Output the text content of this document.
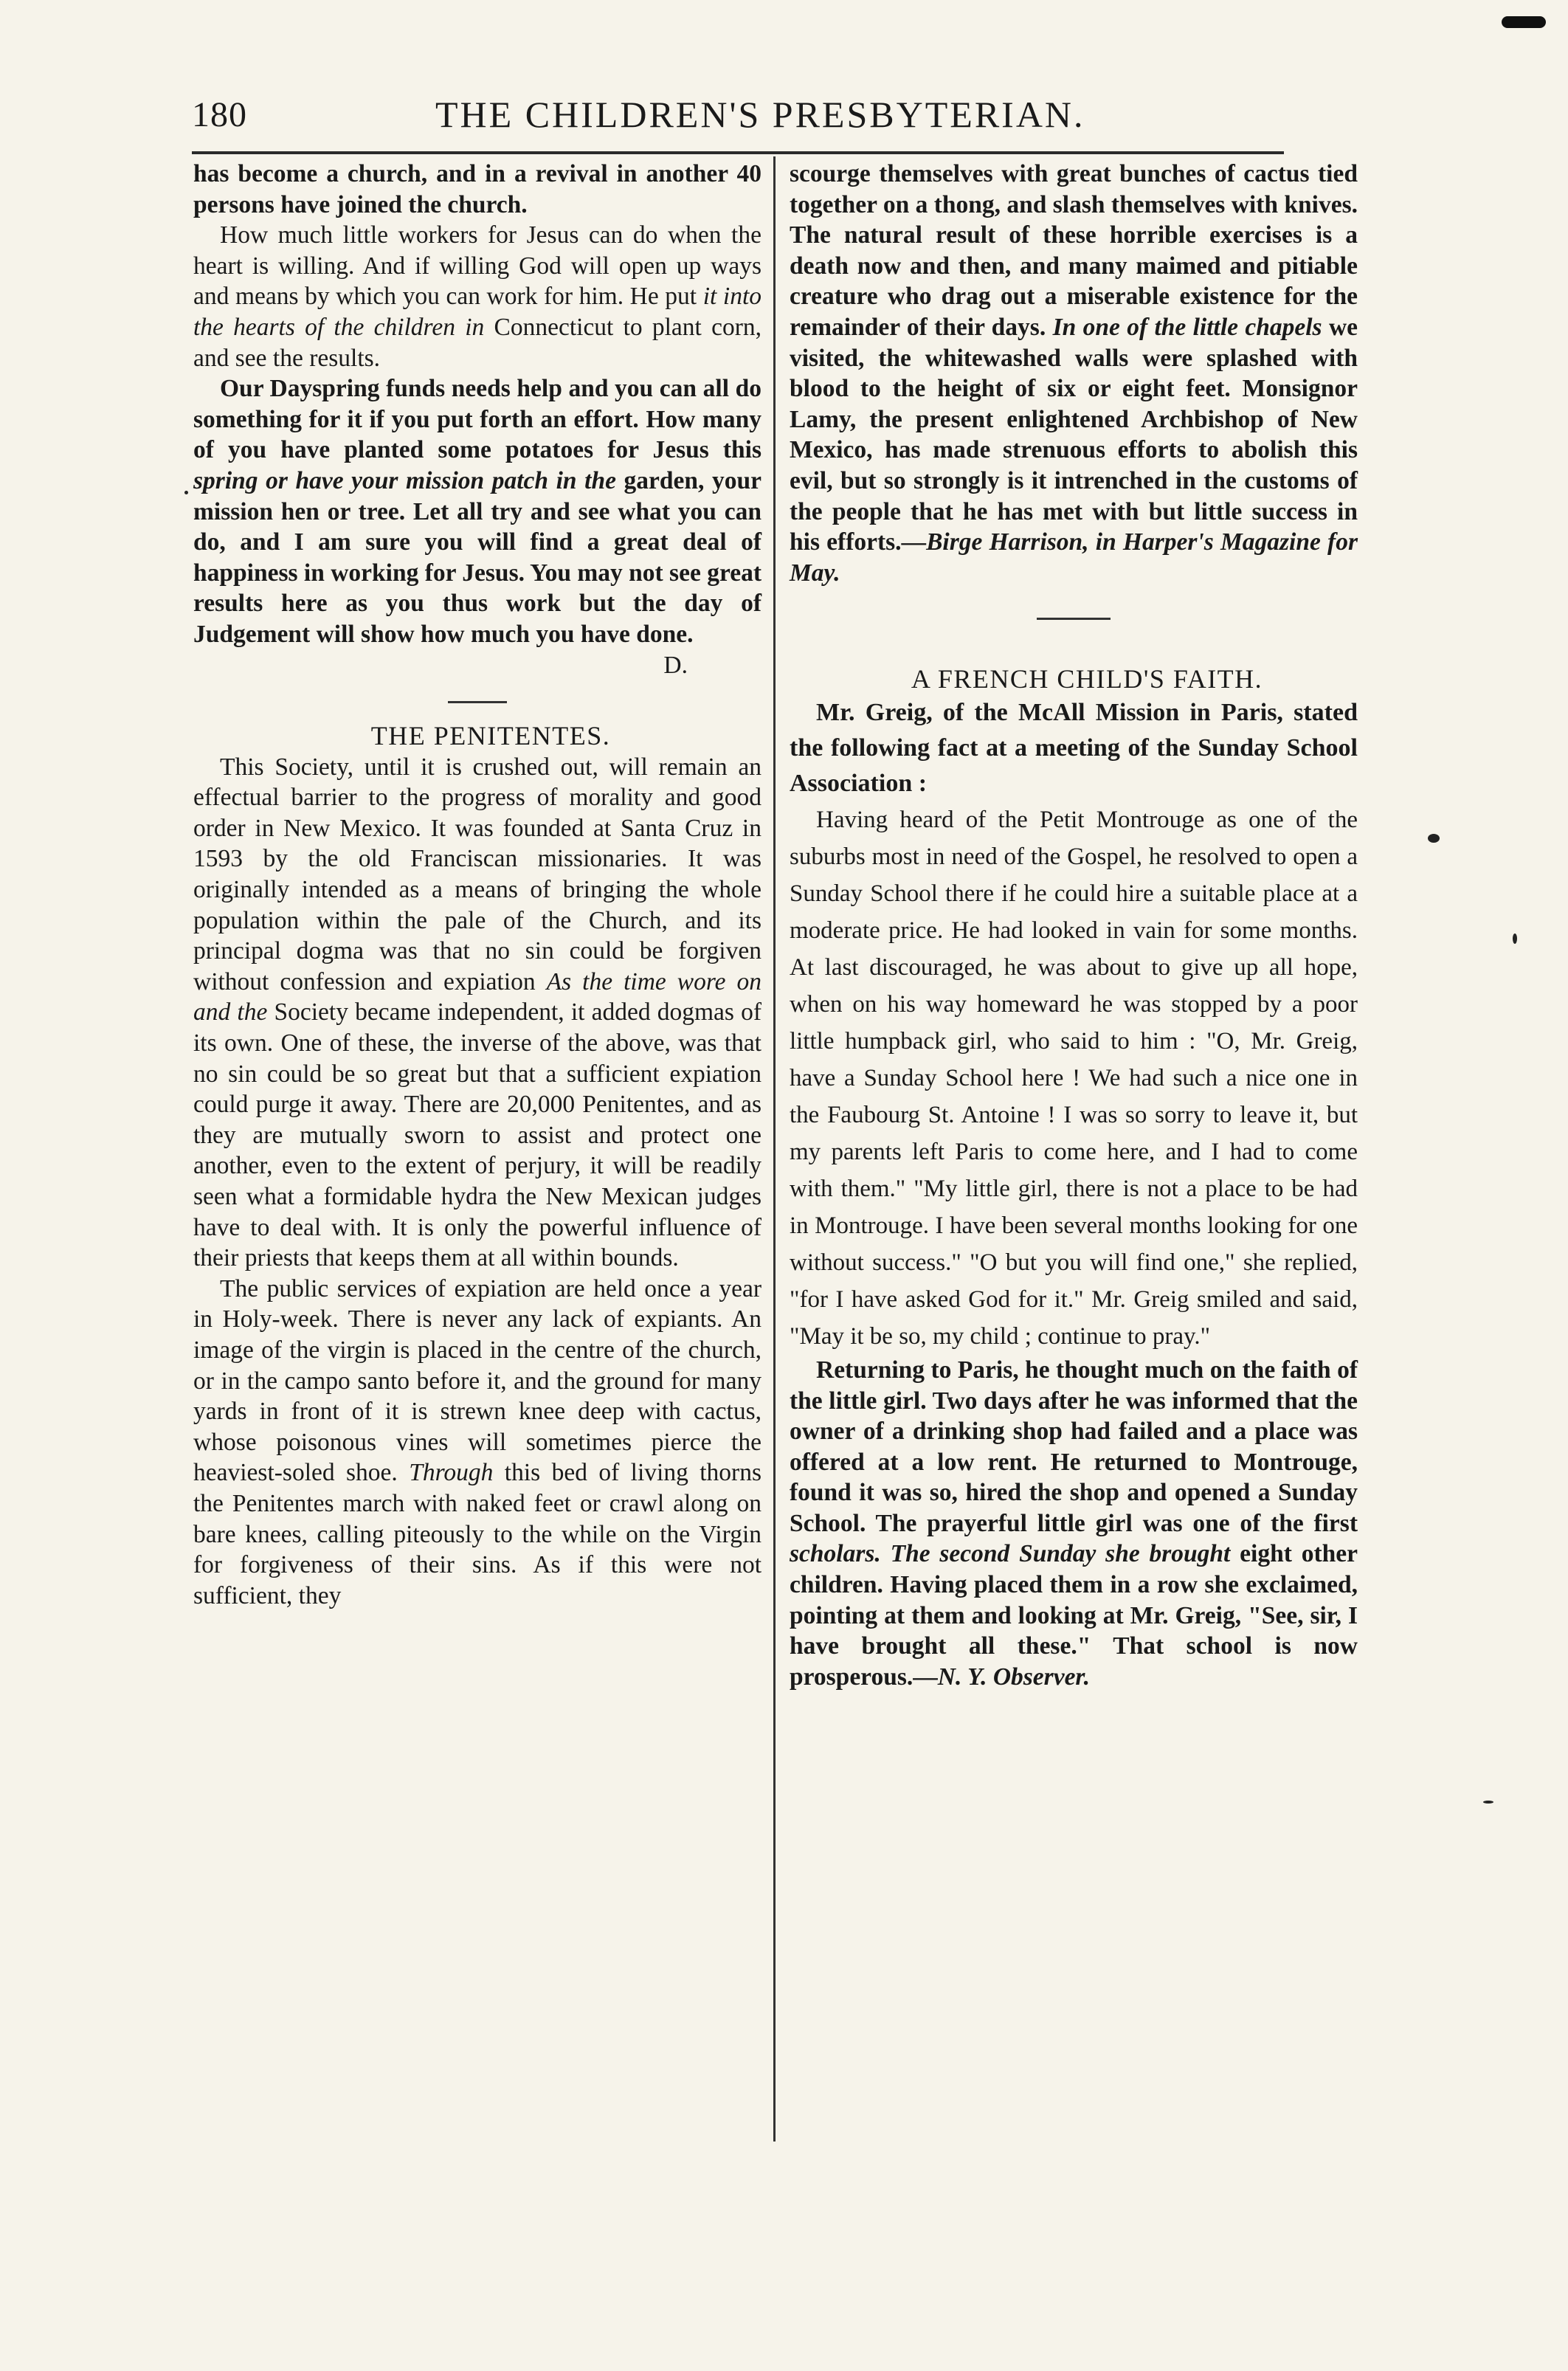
180	THE CHILDREN'S PRESBYTERIAN.

has become a church, and in a revival in another 40 persons have joined the church.

How much little workers for Jesus can do when the heart is willing. And if willing God will open up ways and means by which you can work for him. He put it into the hearts of the children in Connecticut to plant corn, and see the results.

Our Dayspring funds needs help and you can all do something for it if you put forth an effort. How many of you have planted some potatoes for Jesus this spring or have your mission patch in the garden, your mission hen or tree. Let all try and see what you can do, and I am sure you will find a great deal of happiness in working for Jesus. You may not see great results here as you thus work but the day of Judgement will show how much you have done.

D.

THE PENITENTES.

This Society, until it is crushed out, will remain an effectual barrier to the progress of morality and good order in New Mexico. It was founded at Santa Cruz in 1593 by the old Franciscan missionaries. It was originally intended as a means of bringing the whole population within the pale of the Church, and its principal dogma was that no sin could be forgiven without confession and expiation As the time wore on and the Society became independent, it added dogmas of its own. One of these, the inverse of the above, was that no sin could be so great but that a sufficient expiation could purge it away. There are 20,000 Penitentes, and as they are mutually sworn to assist and protect one another, even to the extent of perjury, it will be readily seen what a formidable hydra the New Mexican judges have to deal with. It is only the powerful influence of their priests that keeps them at all within bounds.

The public services of expiation are held once a year in Holy-week. There is never any lack of expiants. An image of the virgin is placed in the centre of the church, or in the campo santo before it, and the ground for many yards in front of it is strewn knee deep with cactus, whose poisonous vines will sometimes pierce the heaviest-soled shoe. Through this bed of living thorns the Penitentes march with naked feet or crawl along on bare knees, calling piteously to the while on the Virgin for forgiveness of their sins. As if this were not sufficient, they

scourge themselves with great bunches of cactus tied together on a thong, and slash themselves with knives. The natural result of these horrible exercises is a death now and then, and many maimed and pitiable creature who drag out a miserable existence for the remainder of their days. In one of the little chapels we visited, the whitewashed walls were splashed with blood to the height of six or eight feet. Monsignor Lamy, the present enlightened Archbishop of New Mexico, has made strenuous efforts to abolish this evil, but so strongly is it intrenched in the customs of the people that he has met with but little success in his efforts.—Birge Harrison, in Harper's Magazine for May.

A FRENCH CHILD'S FAITH.

Mr. Greig, of the McAll Mission in Paris, stated the following fact at a meeting of the Sunday School Association :

Having heard of the Petit Montrouge as one of the suburbs most in need of the Gospel, he resolved to open a Sunday School there if he could hire a suitable place at a moderate price. He had looked in vain for some months. At last discouraged, he was about to give up all hope, when on his way homeward he was stopped by a poor little humpback girl, who said to him : "O, Mr. Greig, have a Sunday School here ! We had such a nice one in the Faubourg St. Antoine ! I was so sorry to leave it, but my parents left Paris to come here, and I had to come with them." "My little girl, there is not a place to be had in Montrouge. I have been several months looking for one without success." "O but you will find one," she replied, "for I have asked God for it." Mr. Greig smiled and said, "May it be so, my child ; continue to pray."

Returning to Paris, he thought much on the faith of the little girl. Two days after he was informed that the owner of a drinking shop had failed and a place was offered at a low rent. He returned to Montrouge, found it was so, hired the shop and opened a Sunday School. The prayerful little girl was one of the first scholars. The second Sunday she brought eight other children. Having placed them in a row she exclaimed, pointing at them and looking at Mr. Greig, "See, sir, I have brought all these." That school is now prosperous.—N. Y. Observer.
